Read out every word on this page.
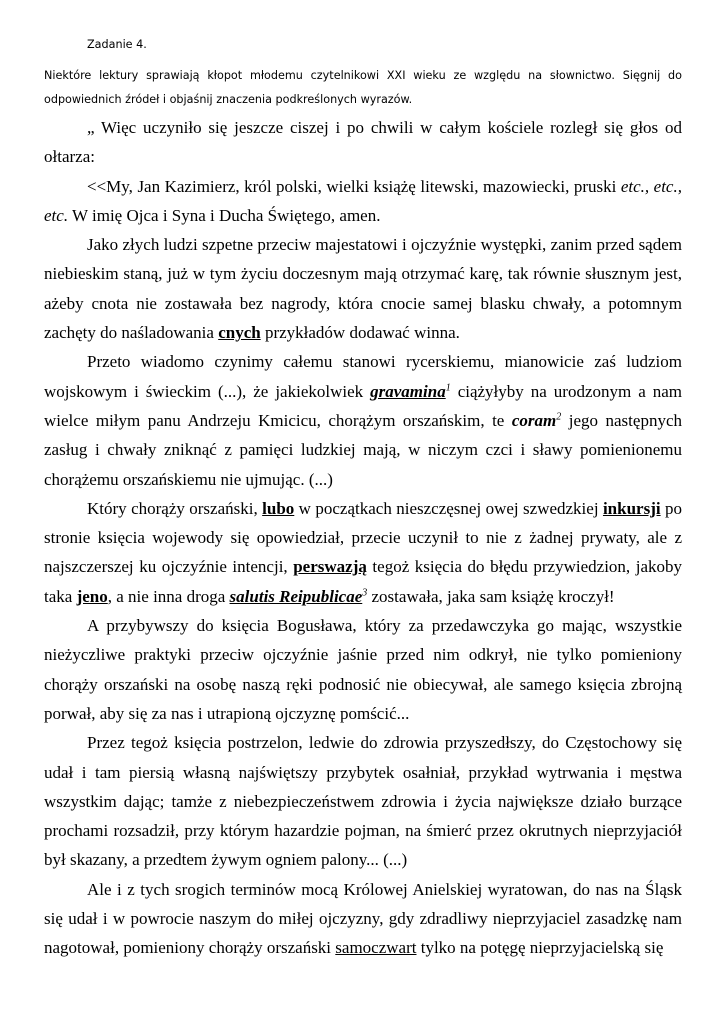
Zadanie 4.
Niektóre lektury sprawiają kłopot młodemu czytelnikowi XXI wieku ze względu na słownictwo. Sięgnij do odpowiednich źródeł i objaśnij znaczenia podkreślonych wyrazów.

„ Więc uczyniło się jeszcze ciszej i po chwili w całym kościele rozległ się głos od ołtarza:

<<My, Jan Kazimierz, król polski, wielki książę litewski, mazowiecki, pruski etc., etc., etc. W imię Ojca i Syna i Ducha Świętego, amen.

Jako złych ludzi szpetne przeciw majestatowi i ojczyźnie występki, zanim przed sądem niebieskim staną, już w tym życiu doczesnym mają otrzymać karę, tak równie słusznym jest, ażeby cnota nie zostawała bez nagrody, która cnocie samej blasku chwały, a potomnym zachęty do naśladowania cnych przykładów dodawać winna.

Przeto wiadomo czynimy całemu stanowi rycerskiemu, mianowicie zaś ludziom wojskowym i świeckim (...), że jakiekolwiek gravamina$^1$ ciążyłyby na urodzonym a nam wielce miłym panu Andrzeju Kmicicu, chorążym orszańskim, te coram$^2$ jego następnych zasług i chwały zniknąć z pamięci ludzkiej mają, w niczym czci i sławy pomienionemu chorążemu orszańskiemu nie ujmując. (...)

Który chorąży orszański, lubo w początkach nieszczęsnej owej szwedzkiej inkursji po stronie księcia wojewody się opowiedział, przecie uczynił to nie z żadnej prywaty, ale z najszczerszej ku ojczyźnie intencji, perswazją tegoż księcia do błędu przywiedzion, jakoby taka jeno, a nie inna droga salutis Reipublicae$^3$ zostawała, jaka sam książę kroczył!

A przybywszy do księcia Bogusława, który za przedawczyka go mając, wszystkie nieżyczliwe praktyki przeciw ojczyźnie jaśnie przed nim odkrył, nie tylko pomieniony chorąży orszański na osobę naszą ręki podnosić nie obiecywał, ale samego księcia zbrojną porwał, aby się za nas i utrapioną ojczyznę pomścić...

Przez tegoż księcia postrzelon, ledwie do zdrowia przyszedłszy, do Częstochowy się udał i tam piersią własną najświętszy przybytek osałniał, przykład wytrwania i męstwa wszystkim dając; tamże z niebezpieczeństwem zdrowia i życia największe działo burzące prochami rozsadził, przy którym hazardzie pojman, na śmierć przez okrutnych nieprzyjaciół był skazany, a przedtem żywym ogniem palony... (...)

Ale i z tych srogich terminów mocą Królowej Anielskiej wyratowan, do nas na Śląsk się udał i w powrocie naszym do miłej ojczyzny, gdy zdradliwy nieprzyjaciel zasadzkę nam nagotował, pomieniony chorąży orszański samoczwart tylko na potęgę nieprzyjacielską się
